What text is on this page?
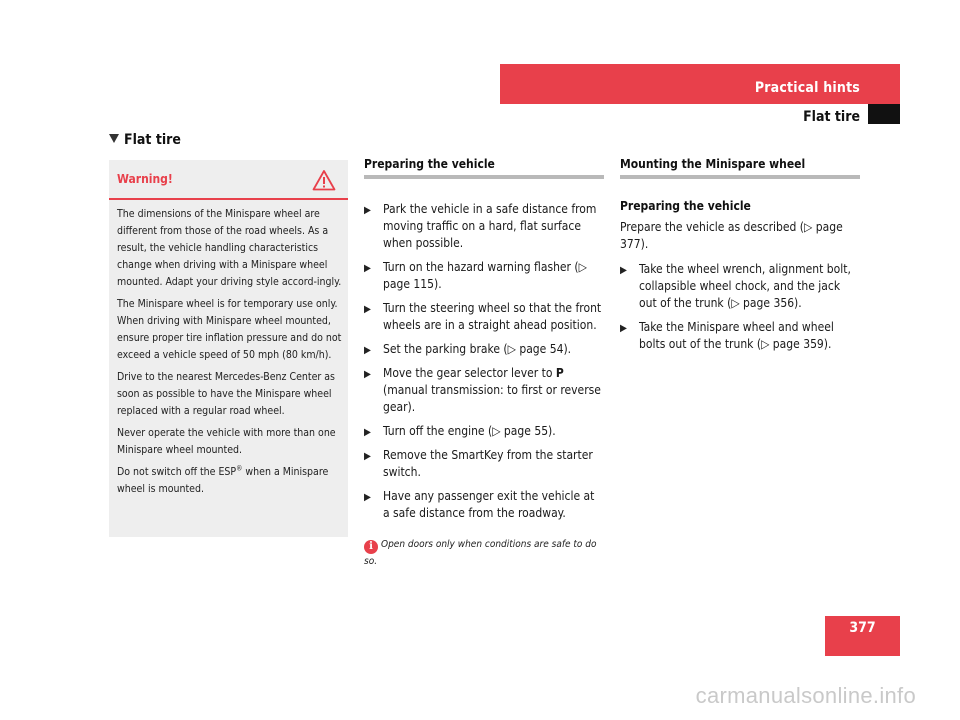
Practical hints
Flat tire
Flat tire
Warning!

The dimensions of the Minispare wheel are different from those of the road wheels. As a result, the vehicle handling characteristics change when driving with a Minispare wheel mounted. Adapt your driving style accord-ingly.

The Minispare wheel is for temporary use only. When driving with Minispare wheel mounted, ensure proper tire inflation pressure and do not exceed a vehicle speed of 50 mph (80 km/h).

Drive to the nearest Mercedes-Benz Center as soon as possible to have the Minispare wheel replaced with a regular road wheel.

Never operate the vehicle with more than one Minispare wheel mounted.

Do not switch off the ESP® when a Minispare wheel is mounted.

Preparing the vehicle
▶ Park the vehicle in a safe distance from moving traffic on a hard, flat surface when possible.
▶ Turn on the hazard warning flasher (▷ page 115).
▶ Turn the steering wheel so that the front wheels are in a straight ahead position.
▶ Set the parking brake (▷ page 54).
▶ Move the gear selector lever to P (manual transmission: to first or reverse gear).
▶ Turn off the engine (▷ page 55).
▶ Remove the SmartKey from the starter switch.
▶ Have any passenger exit the vehicle at a safe distance from the roadway.
i Open doors only when conditions are safe to do so.
Mounting the Minispare wheel
Preparing the vehicle
Prepare the vehicle as described (▷ page 377).
▶ Take the wheel wrench, alignment bolt, collapsible wheel chock, and the jack out of the trunk (▷ page 356).
▶ Take the Minispare wheel and wheel bolts out of the trunk (▷ page 359).
377
carmanualsonline.info
